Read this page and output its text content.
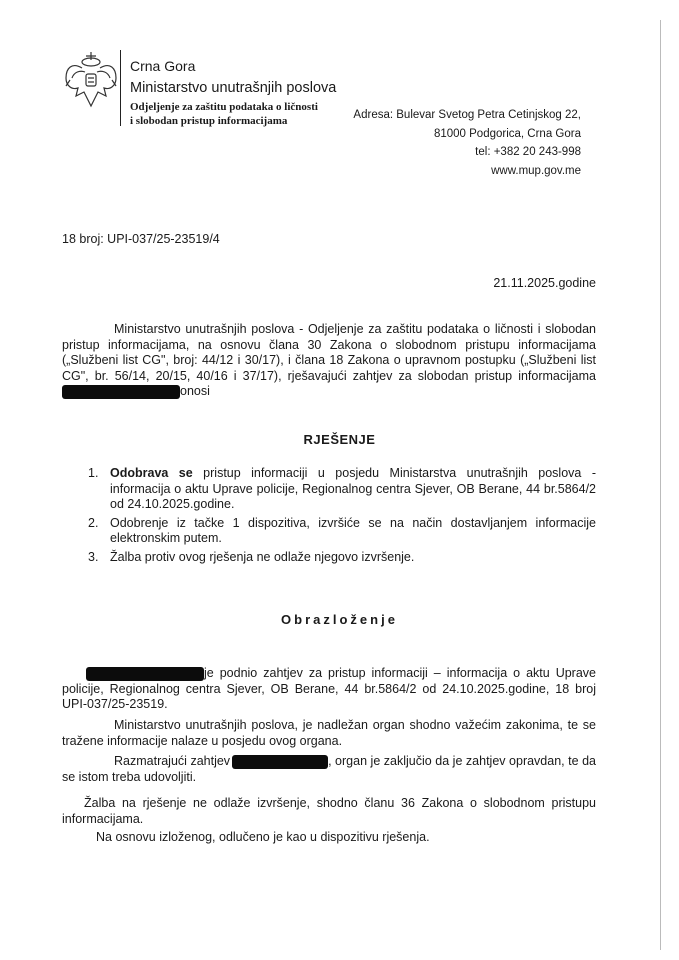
Crna Gora
Ministarstvo unutrašnjih poslova
Odjeljenje za zaštitu podataka o ličnosti
i slobodan pristup informacijama	Adresa: Bulevar Svetog Petra Cetinjskog 22,
81000 Podgorica, Crna Gora
tel: +382 20 243-998
www.mup.gov.me
18 broj: UPI-037/25-23519/4
21.11.2025.godine
Ministarstvo unutrašnjih poslova - Odjeljenje za zaštitu podataka o ličnosti i slobodan pristup informacijama, na osnovu člana 30 Zakona o slobodnom pristupu informacijama („Službeni list CG", broj: 44/12 i 30/17), i člana 18 Zakona o upravnom postupku („Službeni list CG", br. 56/14, 20/15, 40/16 i 37/17), rješavajući zahtjev za slobodan pristup informacijama onosi
RJEŠENJE
1. Odobrava se pristup informaciji u posjedu Ministarstva unutrašnjih poslova - informacija o aktu Uprave policije, Regionalnog centra Sjever, OB Berane, 44 br.5864/2 od 24.10.2025.godine.
2. Odobrenje iz tačke 1 dispozitiva, izvršiće se na način dostavljanjem informacije elektronskim putem.
3. Žalba protiv ovog rješenja ne odlaže njegovo izvršenje.
Obrazloženje
je podnio zahtjev za pristup informaciji – informacija o aktu Uprave policije, Regionalnog centra Sjever, OB Berane, 44 br.5864/2 od 24.10.2025.godine, 18 broj UPI-037/25-23519.
Ministarstvo unutrašnjih poslova, je nadležan organ shodno važećim zakonima, te se tražene informacije nalaze u posjedu ovog organa.
Razmatrajući zahtjev	, organ je zaključio da je zahtjev opravdan, te da se istom treba udovoljiti.
Žalba na rješenje ne odlaže izvršenje, shodno članu 36 Zakona o slobodnom pristupu informacijama.
Na osnovu izloženog, odlučeno je kao u dispozitivu rješenja.
